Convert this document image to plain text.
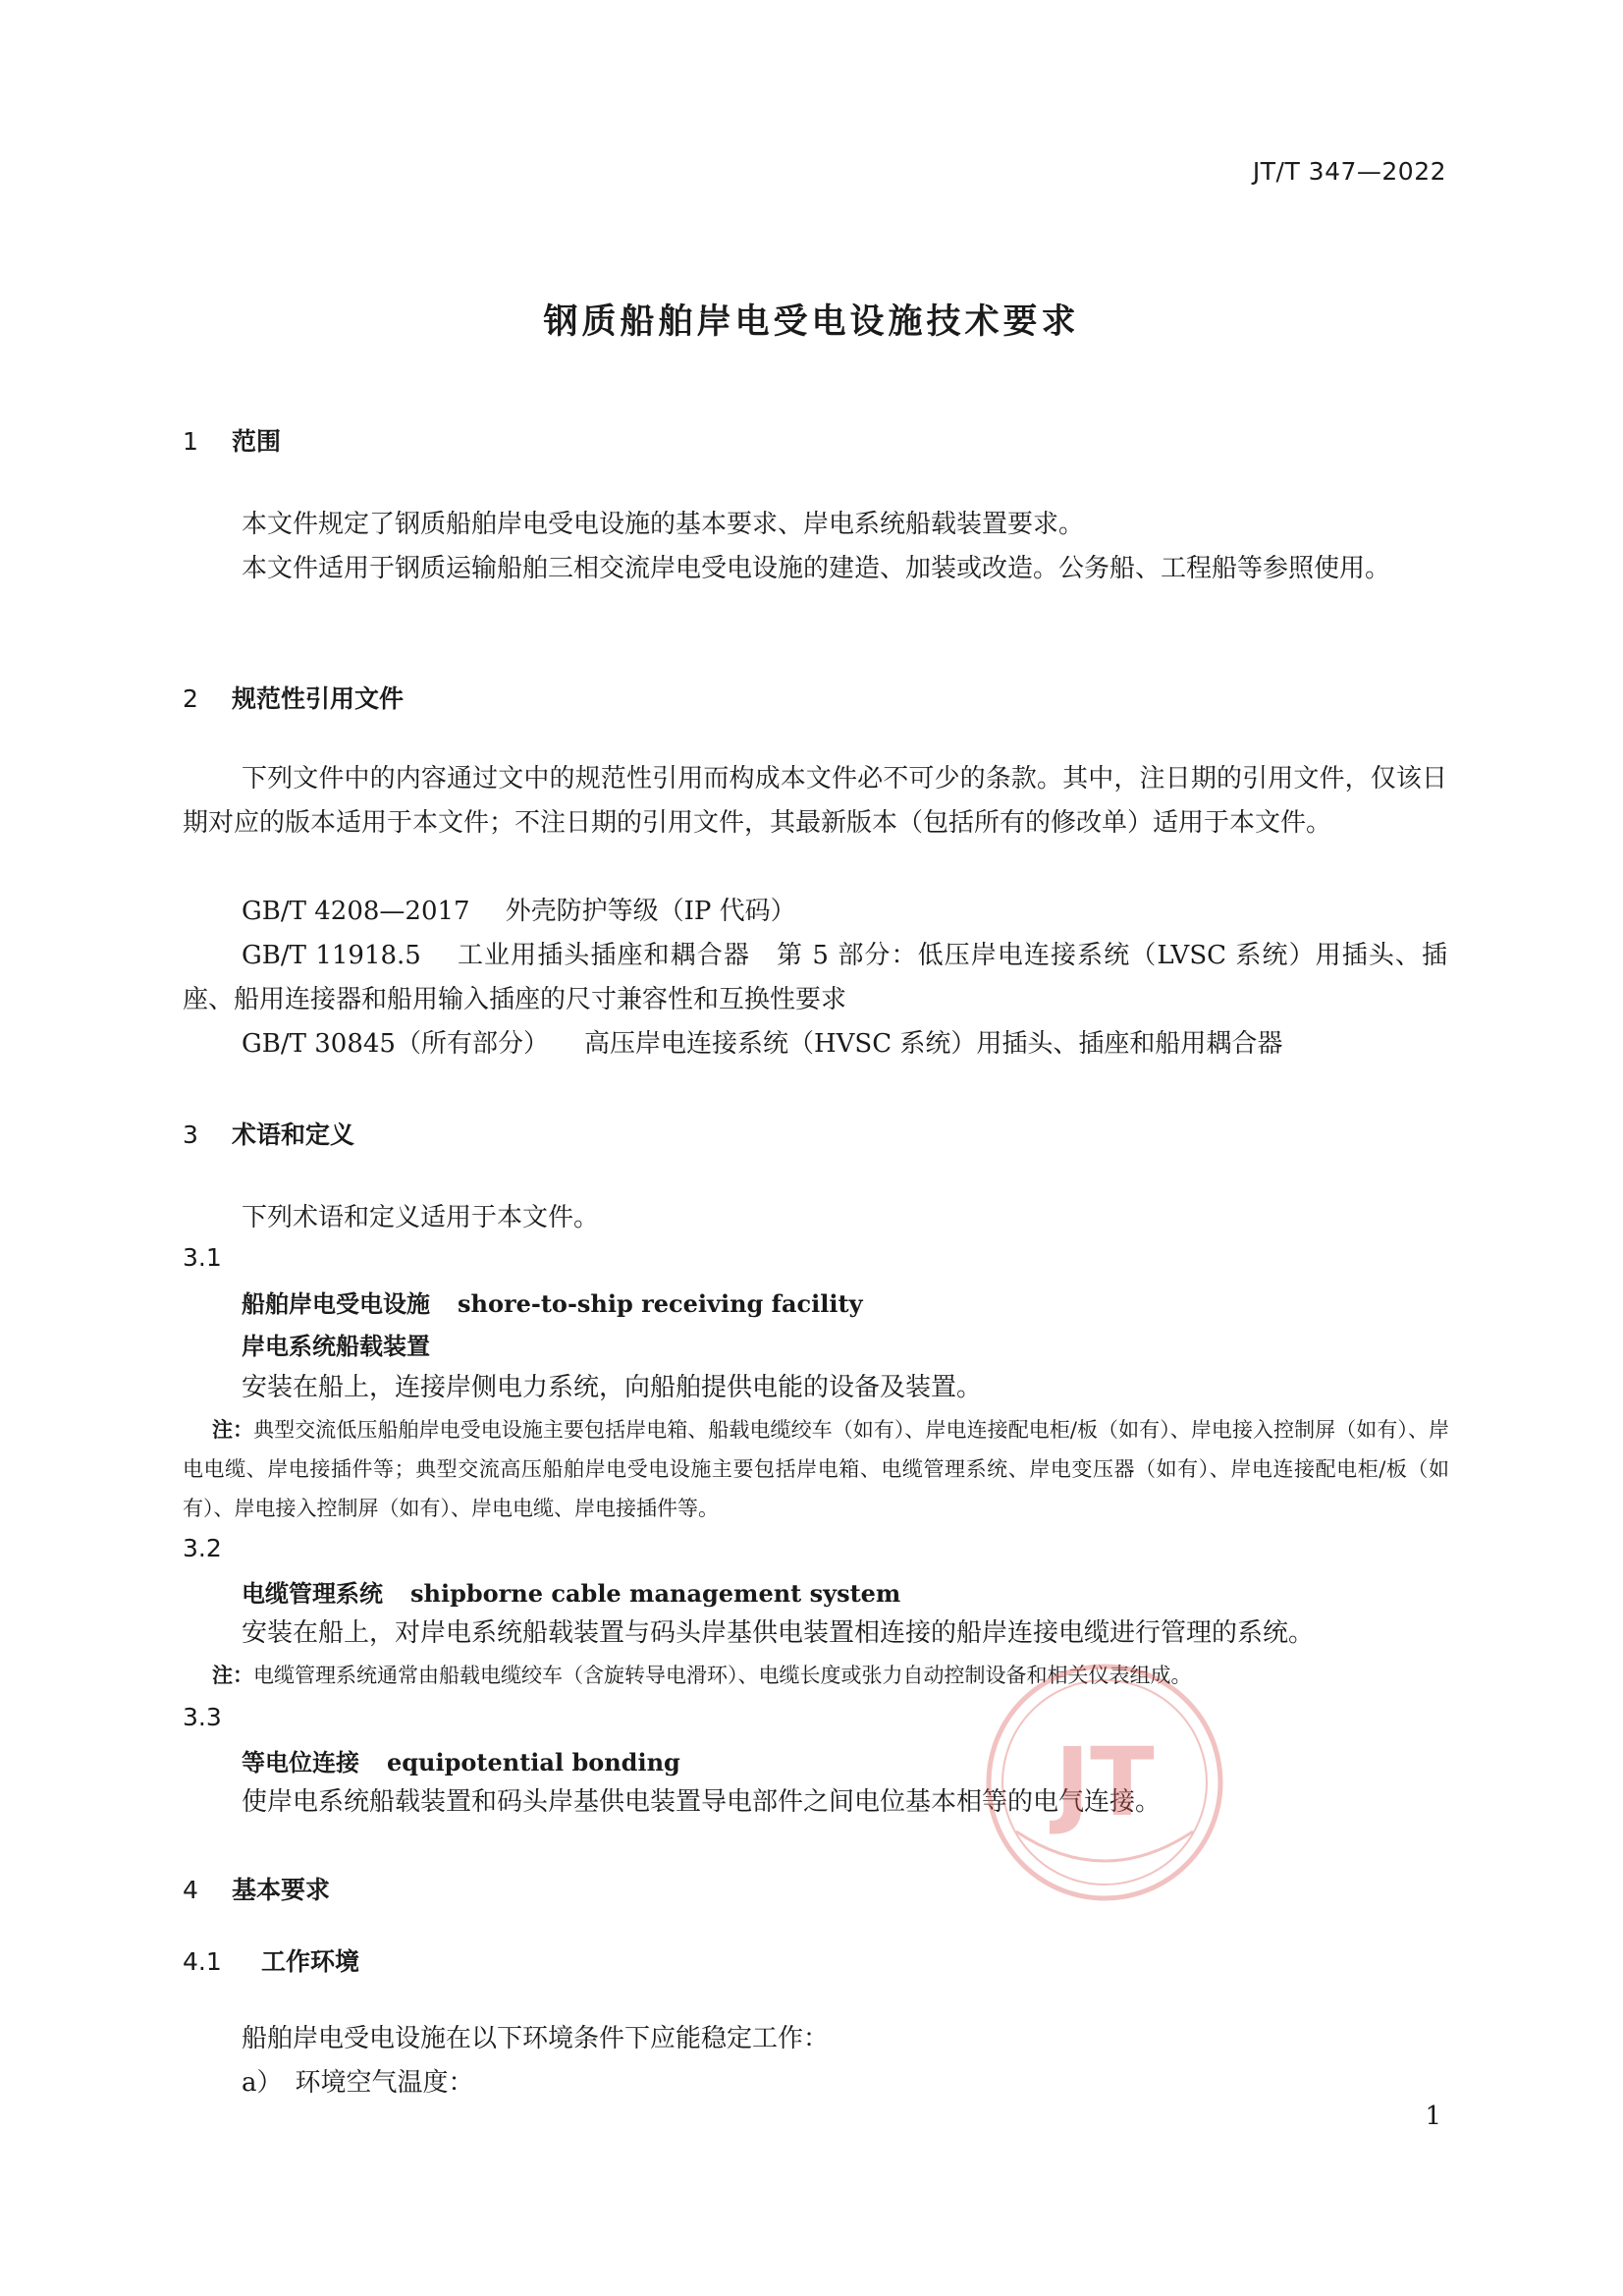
JT/T 347—2022
钢质船舶岸电受电设施技术要求
1 范围
本文件规定了钢质船舶岸电受电设施的基本要求、岸电系统船载装置要求。
本文件适用于钢质运输船舶三相交流岸电受电设施的建造、加装或改造。公务船、工程船等参照使用。
2 规范性引用文件
下列文件中的内容通过文中的规范性引用而构成本文件必不可少的条款。其中，注日期的引用文件，仅该日期对应的版本适用于本文件；不注日期的引用文件，其最新版本（包括所有的修改单）适用于本文件。
GB/T 4208—2017 外壳防护等级（IP 代码）
GB/T 11918.5 工业用插头插座和耦合器　第 5 部分：低压岸电连接系统（LVSC 系统）用插头、插座、船用连接器和船用输入插座的尺寸兼容性和互换性要求
GB/T 30845（所有部分） 高压岸电连接系统（HVSC 系统）用插头、插座和船用耦合器
3 术语和定义
下列术语和定义适用于本文件。
3.1
船舶岸电受电设施 shore-to-ship receiving facility
岸电系统船载装置
安装在船上，连接岸侧电力系统，向船舶提供电能的设备及装置。
注：典型交流低压船舶岸电受电设施主要包括岸电箱、船载电缆绞车（如有）、岸电连接配电柜/板（如有）、岸电接入控制屏（如有）、岸电电缆、岸电接插件等；典型交流高压船舶岸电受电设施主要包括岸电箱、电缆管理系统、岸电变压器（如有）、岸电连接配电柜/板（如有）、岸电接入控制屏（如有）、岸电电缆、岸电接插件等。
3.2
电缆管理系统 shipborne cable management system
安装在船上，对岸电系统船载装置与码头岸基供电装置相连接的船岸连接电缆进行管理的系统。
注：电缆管理系统通常由船载电缆绞车（含旋转导电滑环）、电缆长度或张力自动控制设备和相关仪表组成。
3.3
等电位连接 equipotential bonding
使岸电系统船载装置和码头岸基供电装置导电部件之间电位基本相等的电气连接。
4 基本要求
4.1 工作环境
船舶岸电受电设施在以下环境条件下应能稳定工作：
a）　环境空气温度：
JT
1
